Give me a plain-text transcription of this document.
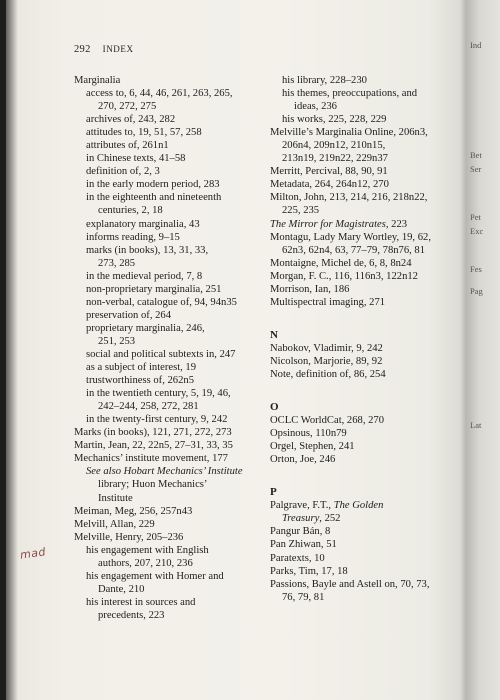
292 INDEX
Marginalia
access to, 6, 44, 46, 261, 263, 265,
270, 272, 275
archives of, 243, 282
attitudes to, 19, 51, 57, 258
attributes of, 261n1
in Chinese texts, 41–58
definition of, 2, 3
in the early modern period, 283
in the eighteenth and nineteenth
centuries, 2, 18
explanatory marginalia, 43
informs reading, 9–15
marks (in books), 13, 31, 33,
273, 285
in the medieval period, 7, 8
non-proprietary marginalia, 251
non-verbal, catalogue of, 94, 94n35
preservation of, 264
proprietary marginalia, 246,
251, 253
social and political subtexts in, 247
as a subject of interest, 19
trustworthiness of, 262n5
in the twentieth century, 5, 19, 46,
242–244, 258, 272, 281
in the twenty-first century, 9, 242
Marks (in books), 121, 271, 272, 273
Martin, Jean, 22, 22n5, 27–31, 33, 35
Mechanics’ institute movement, 177
See also Hobart Mechanics’ Institute
library; Huon Mechanics’
Institute
Meiman, Meg, 256, 257n43
Melvill, Allan, 229
Melville, Henry, 205–236
his engagement with English
authors, 207, 210, 236
his engagement with Homer and
Dante, 210
his interest in sources and
precedents, 223
his library, 228–230
his themes, preoccupations, and
ideas, 236
his works, 225, 228, 229
Melville’s Marginalia Online, 206n3,
206n4, 209n12, 210n15,
213n19, 219n22, 229n37
Merritt, Percival, 88, 90, 91
Metadata, 264, 264n12, 270
Milton, John, 213, 214, 216, 218n22,
225, 235
The Mirror for Magistrates, 223
Montagu, Lady Mary Wortley, 19, 62,
62n3, 62n4, 63, 77–79, 78n76, 81
Montaigne, Michel de, 6, 8, 8n24
Morgan, F. C., 116, 116n3, 122n12
Morrison, Ian, 186
Multispectral imaging, 271
N
Nabokov, Vladimir, 9, 242
Nicolson, Marjorie, 89, 92
Note, definition of, 86, 254
O
OCLC WorldCat, 268, 270
Opsinous, 110n79
Orgel, Stephen, 241
Orton, Joe, 246
P
Palgrave, F.T., The Golden
Treasury, 252
Pangur Bán, 8
Pan Zhiwan, 51
Paratexts, 10
Parks, Tim, 17, 18
Passions, Bayle and Astell on, 70, 73,
76, 79, 81
mad
Ind
Bet
Ser
Pet
Exc
Fes
Pag
Lat
